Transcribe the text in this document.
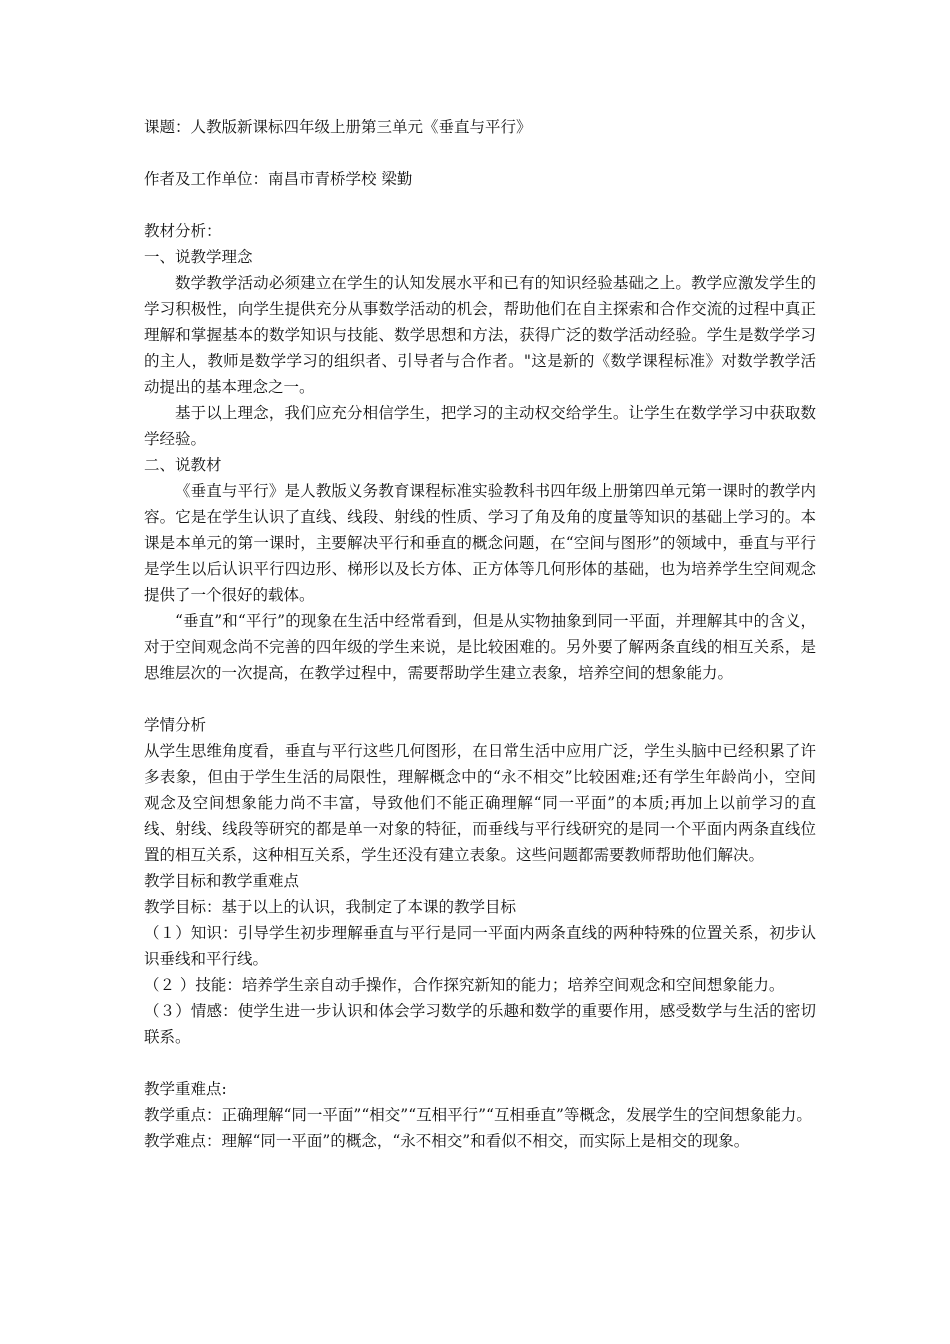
课题：人教版新课标四年级上册第三单元《垂直与平行》

作者及工作单位：南昌市青桥学校 梁勤

教材分析：

一、说教学理念

数学教学活动必须建立在学生的认知发展水平和已有的知识经验基础之上。教学应激发学生的学习积极性，向学生提供充分从事数学活动的机会，帮助他们在自主探索和合作交流的过程中真正理解和掌握基本的数学知识与技能、数学思想和方法，获得广泛的数学活动经验。学生是数学学习的主人，教师是数学学习的组织者、引导者与合作者。"这是新的《数学课程标准》对数学教学活动提出的基本理念之一。

基于以上理念，我们应充分相信学生，把学习的主动权交给学生。让学生在数学学习中获取数学经验。

二、说教材

《垂直与平行》是人教版义务教育课程标准实验教科书四年级上册第四单元第一课时的教学内容。它是在学生认识了直线、线段、射线的性质、学习了角及角的度量等知识的基础上学习的。本课是本单元的第一课时，主要解决平行和垂直的概念问题，在“空间与图形”的领域中，垂直与平行是学生以后认识平行四边形、梯形以及长方体、正方体等几何形体的基础，也为培养学生空间观念提供了一个很好的载体。

“垂直”和“平行”的现象在生活中经常看到，但是从实物抽象到同一平面，并理解其中的含义，对于空间观念尚不完善的四年级的学生来说，是比较困难的。另外要了解两条直线的相互关系，是思维层次的一次提高，在教学过程中，需要帮助学生建立表象，培养空间的想象能力。

学情分析

从学生思维角度看，垂直与平行这些几何图形，在日常生活中应用广泛，学生头脑中已经积累了许多表象，但由于学生生活的局限性，理解概念中的“永不相交”比较困难;还有学生年龄尚小，空间观念及空间想象能力尚不丰富，导致他们不能正确理解“同一平面”的本质;再加上以前学习的直线、射线、线段等研究的都是单一对象的特征，而垂线与平行线研究的是同一个平面内两条直线位置的相互关系，这种相互关系，学生还没有建立表象。这些问题都需要教师帮助他们解决。

教学目标和教学重难点

教学目标：基于以上的认识，我制定了本课的教学目标

（１）知识：引导学生初步理解垂直与平行是同一平面内两条直线的两种特殊的位置关系，初步认识垂线和平行线。

（２ ）技能：培养学生亲自动手操作，合作探究新知的能力；培养空间观念和空间想象能力。

（３）情感：使学生进一步认识和体会学习数学的乐趣和数学的重要作用，感受数学与生活的密切联系。

教学重难点:

教学重点：正确理解“同一平面”“相交”“互相平行”“互相垂直”等概念，发展学生的空间想象能力。

教学难点：理解“同一平面”的概念，“永不相交”和看似不相交，而实际上是相交的现象。
